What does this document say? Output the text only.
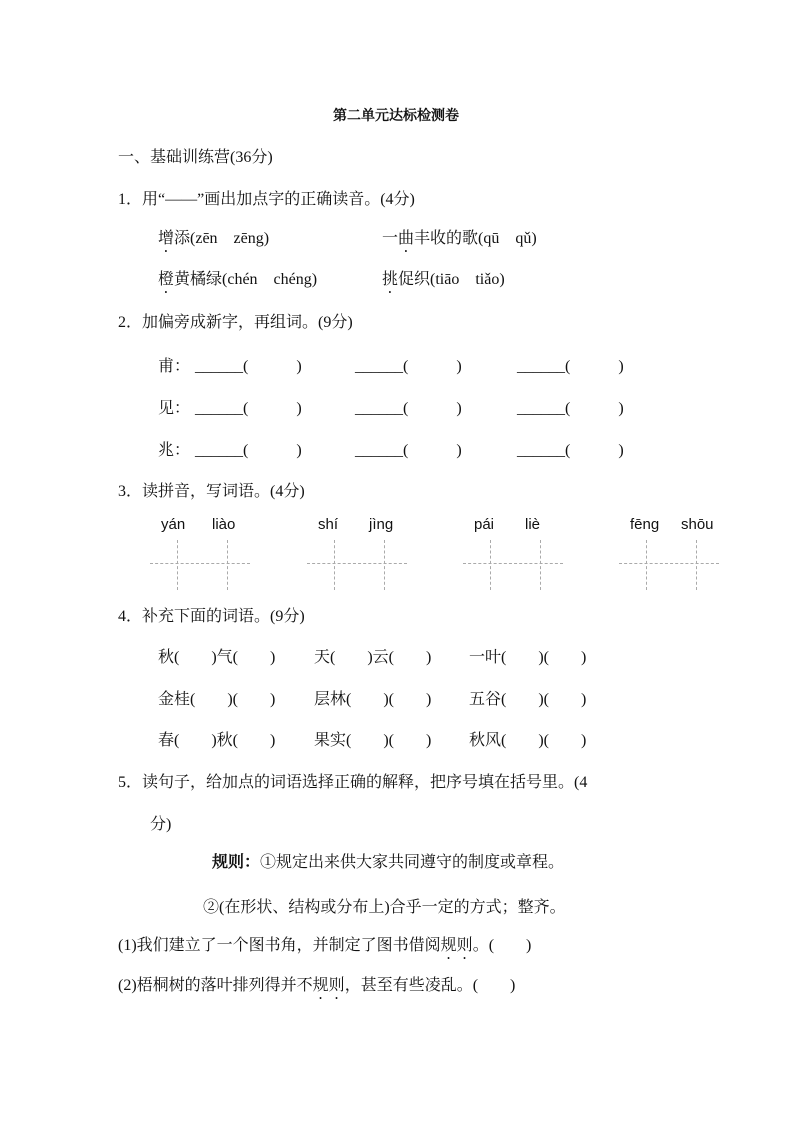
第二单元达标检测卷
一、基础训练营(36分)
1．用“——”画出加点字的正确读音。(4分)
增添(zēn　zēng)	一曲丰收的歌(qū　qǔ)
橙黄橘绿(chén　chéng)	挑促织(tiāo　tiǎo)
2．加偏旁成新字，再组词。(9分)
3．读拼音，写词语。(4分)
4．补充下面的词语。(9分)
5．读句子，给加点的词语选择正确的解释，把序号填在括号里。(4
分)
规则：①规定出来供大家共同遵守的制度或章程。
②(在形状、结构或分布上)合乎一定的方式；整齐。
(1)我们建立了一个图书角，并制定了图书借阅规则。(　　)
(2)梧桐树的落叶排列得并不规则，甚至有些凌乱。(　　)
甫： ______(            )	______(            )	______(            )
见： ______(            )	______(            )	______(            )
兆： ______(            )	______(            )	______(            )
yán liào	shí jìng	pái liè	fēng shōu
秋(　　)气(　　) 天(　　)云(　　) 一叶(　　)(　　)
金桂(　　)(　　) 层林(　　)(　　) 五谷(　　)(　　)
春(　　)秋(　　) 果实(　　)(　　) 秋风(　　)(　　)
